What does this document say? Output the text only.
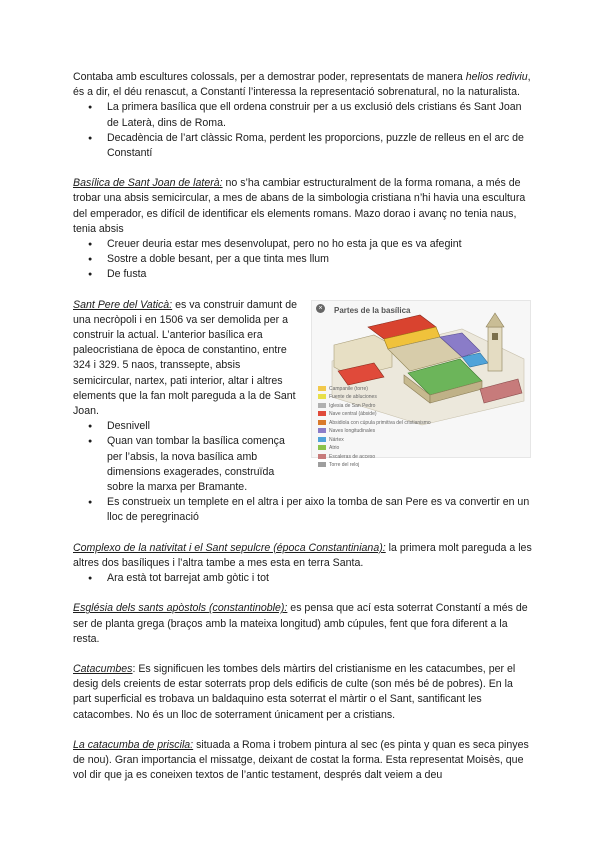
Contaba amb escultures colossals, per a demostrar poder, representats de manera helios rediviu, és a dir, el déu renascut, a Constantí l’interessa la representació sobrenatural, no la naturalista.

● La primera basílica que ell ordena construir per a us exclusió dels cristians és Sant Joan de Laterà, dins de Roma.
● Decadència de l’art clàssic Roma, perdent les proporcions, puzzle de relleus en el arc de Constantí

Basílica de Sant Joan de laterà: no s’ha cambiar estructuralment de la forma romana, a més de trobar una absis semicircular, a mes de abans de la simbologia cristiana n’hi havia una escultura del emperador, es difícil de identificar els elements romans. Mazo dorao i avanç no tenia naus, tenia absis

● Creuer deuria estar mes desenvolupat, pero no ho esta ja que es va afegint
● Sostre a doble besant, per a que tinta mes llum
● De fusta

Sant Pere del Vaticà: es va construir damunt de una necròpoli i en 1506 va ser demolida per a construir la actual. L’anterior basílica era paleocristiana de època de constantino, entre 324 i 329. 5 naos, transsepte, absis semicircular, nartex, pati interior, altar i altres elements que la fan molt pareguda a la de Sant Joan.

● Desnivell
● Quan van tombar la basílica comença per l’absis, la nova basílica amb dimensions exagerades, construïda sobre la marxa per Bramante.
×	Partes de la basílica
Campanile (torre)
Fuente de abluciones
Iglesia de San Pedro
Nave central (ábside)
Absidiola con cúpula primitiva del cristianismo
Naves longitudinales
Nártex
Atrio
Escaleras de acceso
Torre del reloj
● Es construeix un templete en el altra i per aixo la tomba de san Pere es va convertir en un lloc de peregrinació

Complexo de la nativitat i el Sant sepulcre (época Constantiniana): la primera molt pareguda a les altres dos basíliques i l’altra tambe a mes esta en terra Santa.

● Ara està tot barrejat amb gòtic i tot

Església dels sants apòstols (constantinoble): es pensa que ací esta soterrat Constantí a més de ser de planta grega (braços amb la mateixa longitud) amb cúpules, fent que fora diferent a la resta.

Catacumbes: Es significuen les tombes dels màrtirs del cristianisme en les catacumbes, per el desig dels creients de estar soterrats prop dels edificis de culte (son més bé de pobres). En la part superficial es trobava un baldaquino esta soterrat el màrtir o el Sant, santificant les catacombes. No és un lloc de soterrament únicament per a cristians.

La catacumba de priscila: situada a Roma i trobem pintura al sec (es pinta y quan es seca pinyes de nou). Gran importancia el missatge, deixant de costat la forma. Esta representat Moisès, que vol dir que ja es coneixen textos de l’antic testament, després dalt veiem a deu
